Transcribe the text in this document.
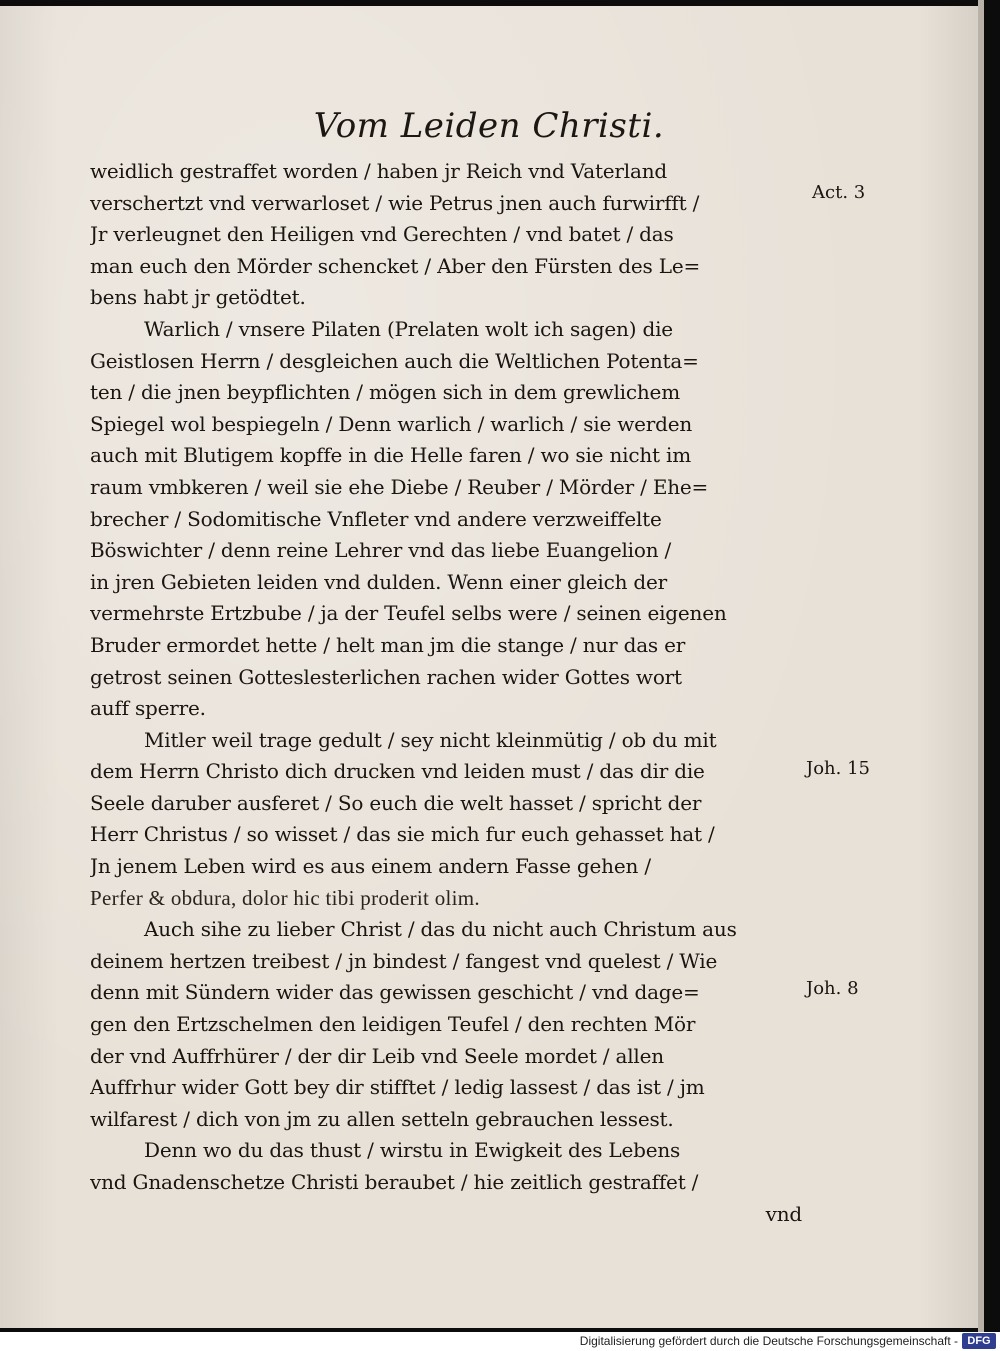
Vom Leiden Christi.
weidlich gestraffet worden / haben jr Reich vnd Vaterland
verschertzt vnd verwarloset / wie Petrus jnen auch furwirfft /
Jr verleugnet den Heiligen vnd Gerechten / vnd batet / das
man euch den Mörder schencket / Aber den Fürsten des Le=
bens habt jr getödtet.
Warlich / vnsere Pilaten (Prelaten wolt ich sagen) die
Geistlosen Herrn / desgleichen auch die Weltlichen Potenta=
ten / die jnen beypflichten / mögen sich in dem grewlichem
Spiegel wol bespiegeln / Denn warlich / warlich / sie werden
auch mit Blutigem kopffe in die Helle faren / wo sie nicht im
raum vmbkeren / weil sie ehe Diebe / Reuber / Mörder / Ehe=
brecher / Sodomitische Vnfleter vnd andere verzweiffelte
Böswichter / denn reine Lehrer vnd das liebe Euangelion /
in jren Gebieten leiden vnd dulden. Wenn einer gleich der
vermehrste Ertzbube / ja der Teufel selbs were / seinen eigenen
Bruder ermordet hette / helt man jm die stange / nur das er
getrost seinen Gotteslesterlichen rachen wider Gottes wort
auff sperre.
Mitler weil trage gedult / sey nicht kleinmütig / ob du mit
dem Herrn Christo dich drucken vnd leiden must / das dir die
Seele daruber ausferet / So euch die welt hasset / spricht der
Herr Christus / so wisset / das sie mich fur euch gehasset hat /
Jn jenem Leben wird es aus einem andern Fasse gehen /
Perfer & obdura, dolor hic tibi proderit olim.
Auch sihe zu lieber Christ / das du nicht auch Christum aus
deinem hertzen treibest / jn bindest / fangest vnd quelest / Wie
denn mit Sündern wider das gewissen geschicht / vnd dage=
gen den Ertzschelmen den leidigen Teufel / den rechten Mör
der vnd Auffrhürer / der dir Leib vnd Seele mordet / allen
Auffrhur wider Gott bey dir stifftet / ledig lassest / das ist / jm
wilfarest / dich von jm zu allen setteln gebrauchen lessest.
Denn wo du das thust / wirstu in Ewigkeit des Lebens
vnd Gnadenschetze Christi beraubet / hie zeitlich gestraffet /
vnd
Act. 3
Joh. 15
Joh. 8
Digitalisierung gefördert durch die Deutsche Forschungsgemeinschaft - DFG
